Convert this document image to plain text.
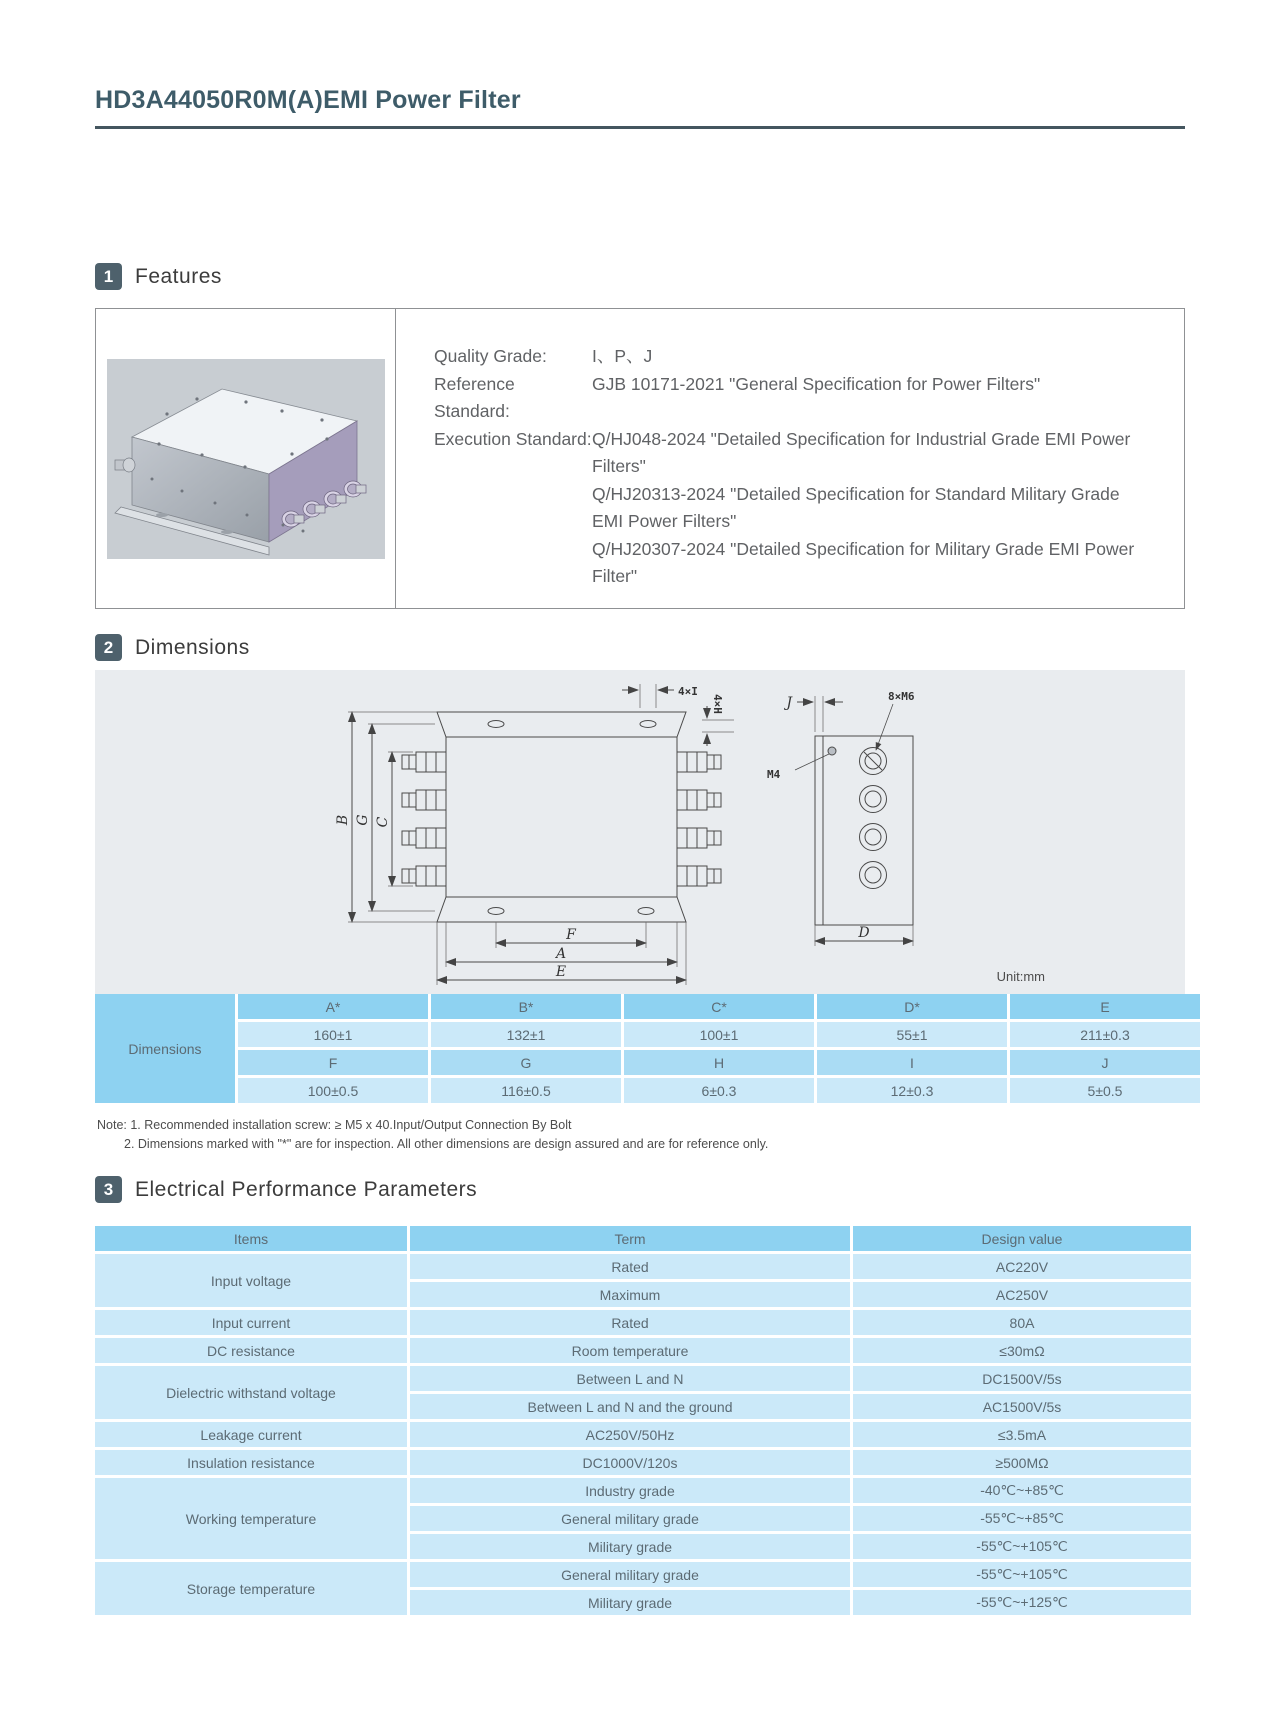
HD3A44050R0M(A)EMI Power Filter
1	Features
Quality Grade:	I、P、J
Reference Standard:
GJB 10171-2021 "General Specification for Power Filters"
Execution Standard: Q/HJ048-2024 "Detailed Specification for Industrial Grade EMI Power Filters"
Q/HJ20313-2024 "Detailed Specification for Standard Military Grade EMI Power Filters"
Q/HJ20307-2024 "Detailed Specification for Military Grade EMI Power Filter"
2	Dimensions
B G C
F
A
E
4×I
4×H	J
M4
8×M6
D
Unit:mm
Dimensions	A*	B*	C*	D*	E
	160±1	132±1	100±1	55±1	211±0.3
	F	G	H	I	J
	100±0.5	116±0.5	6±0.3	12±0.3	5±0.5
Note: 1. Recommended installation screw: ≥ M5 x 40.Input/Output Connection By Bolt
2. Dimensions marked with "*" are for inspection. All other dimensions are design assured and are for reference only.
3	Electrical Performance Parameters
Items	Term	Design value
Input voltage	Rated	AC220V
	Maximum	AC250V
Input current	Rated	80A
DC resistance	Room temperature	≤30mΩ
Dielectric withstand voltage	Between L and N	DC1500V/5s
	Between L and N and the ground	AC1500V/5s
Leakage current	AC250V/50Hz	≤3.5mA
Insulation resistance	DC1000V/120s	≥500MΩ
Working temperature	Industry grade	-40℃~+85℃
	General military grade	-55℃~+85℃
	Military grade	-55℃~+105℃
Storage temperature	General military grade	-55℃~+105℃
	Military grade	-55℃~+125℃
